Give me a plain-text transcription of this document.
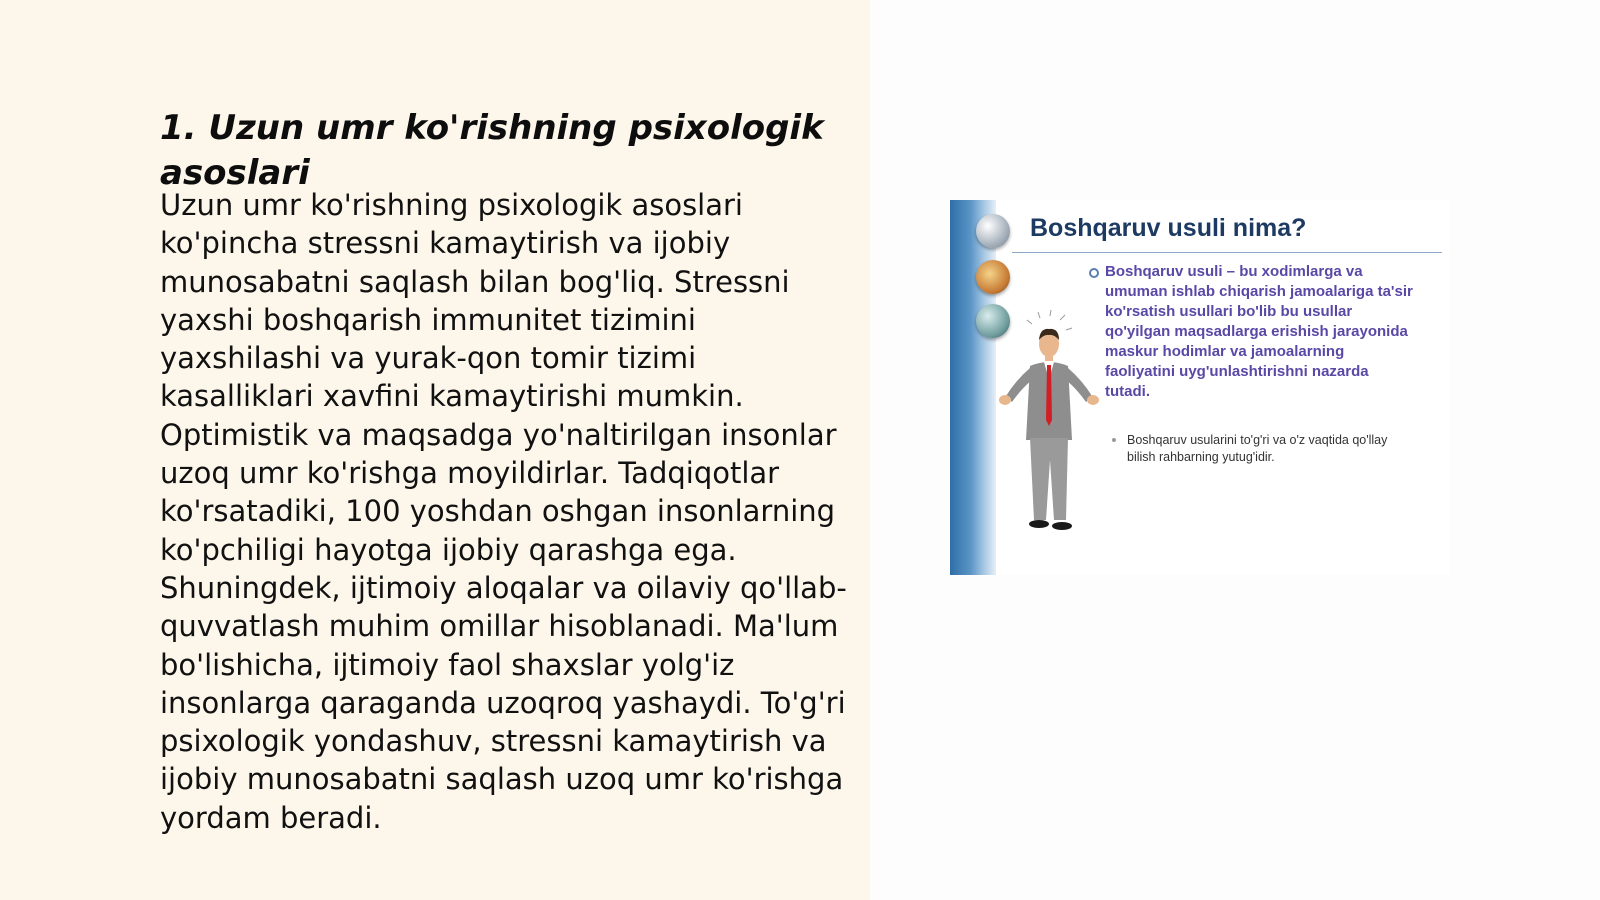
1. Uzun umr ko'rishning psixologik asoslari

Uzun umr ko'rishning psixologik asoslari ko'pincha stressni kamaytirish va ijobiy munosabatni saqlash bilan bog'liq. Stressni yaxshi boshqarish immunitet tizimini yaxshilashi va yurak-qon tomir tizimi kasalliklari xavfini kamaytirishi mumkin. Optimistik va maqsadga yo'naltirilgan insonlar uzoq umr ko'rishga moyildirlar. Tadqiqotlar ko'rsatadiki, 100 yoshdan oshgan insonlarning ko'pchiligi hayotga ijobiy qarashga ega. Shuningdek, ijtimoiy aloqalar va oilaviy qo'llab-quvvatlash muhim omillar hisoblanadi. Ma'lum bo'lishicha, ijtimoiy faol shaxslar yolg'iz insonlarga qaraganda uzoqroq yashaydi. To'g'ri psixologik yondashuv, stressni kamaytirish va ijobiy munosabatni saqlash uzoq umr ko'rishga yordam beradi.

Boshqaruv usuli nima?

Boshqaruv usuli – bu xodimlarga va umuman ishlab chiqarish jamoalariga ta'sir ko'rsatish usullari bo'lib bu usullar qo'yilgan maqsadlarga erishish jarayonida maskur hodimlar va jamoalarning faoliyatini uyg'unlashtirishni nazarda tutadi.

Boshqaruv usularini to'g'ri va o'z vaqtida qo'llay bilish rahbarning yutug'idir.
